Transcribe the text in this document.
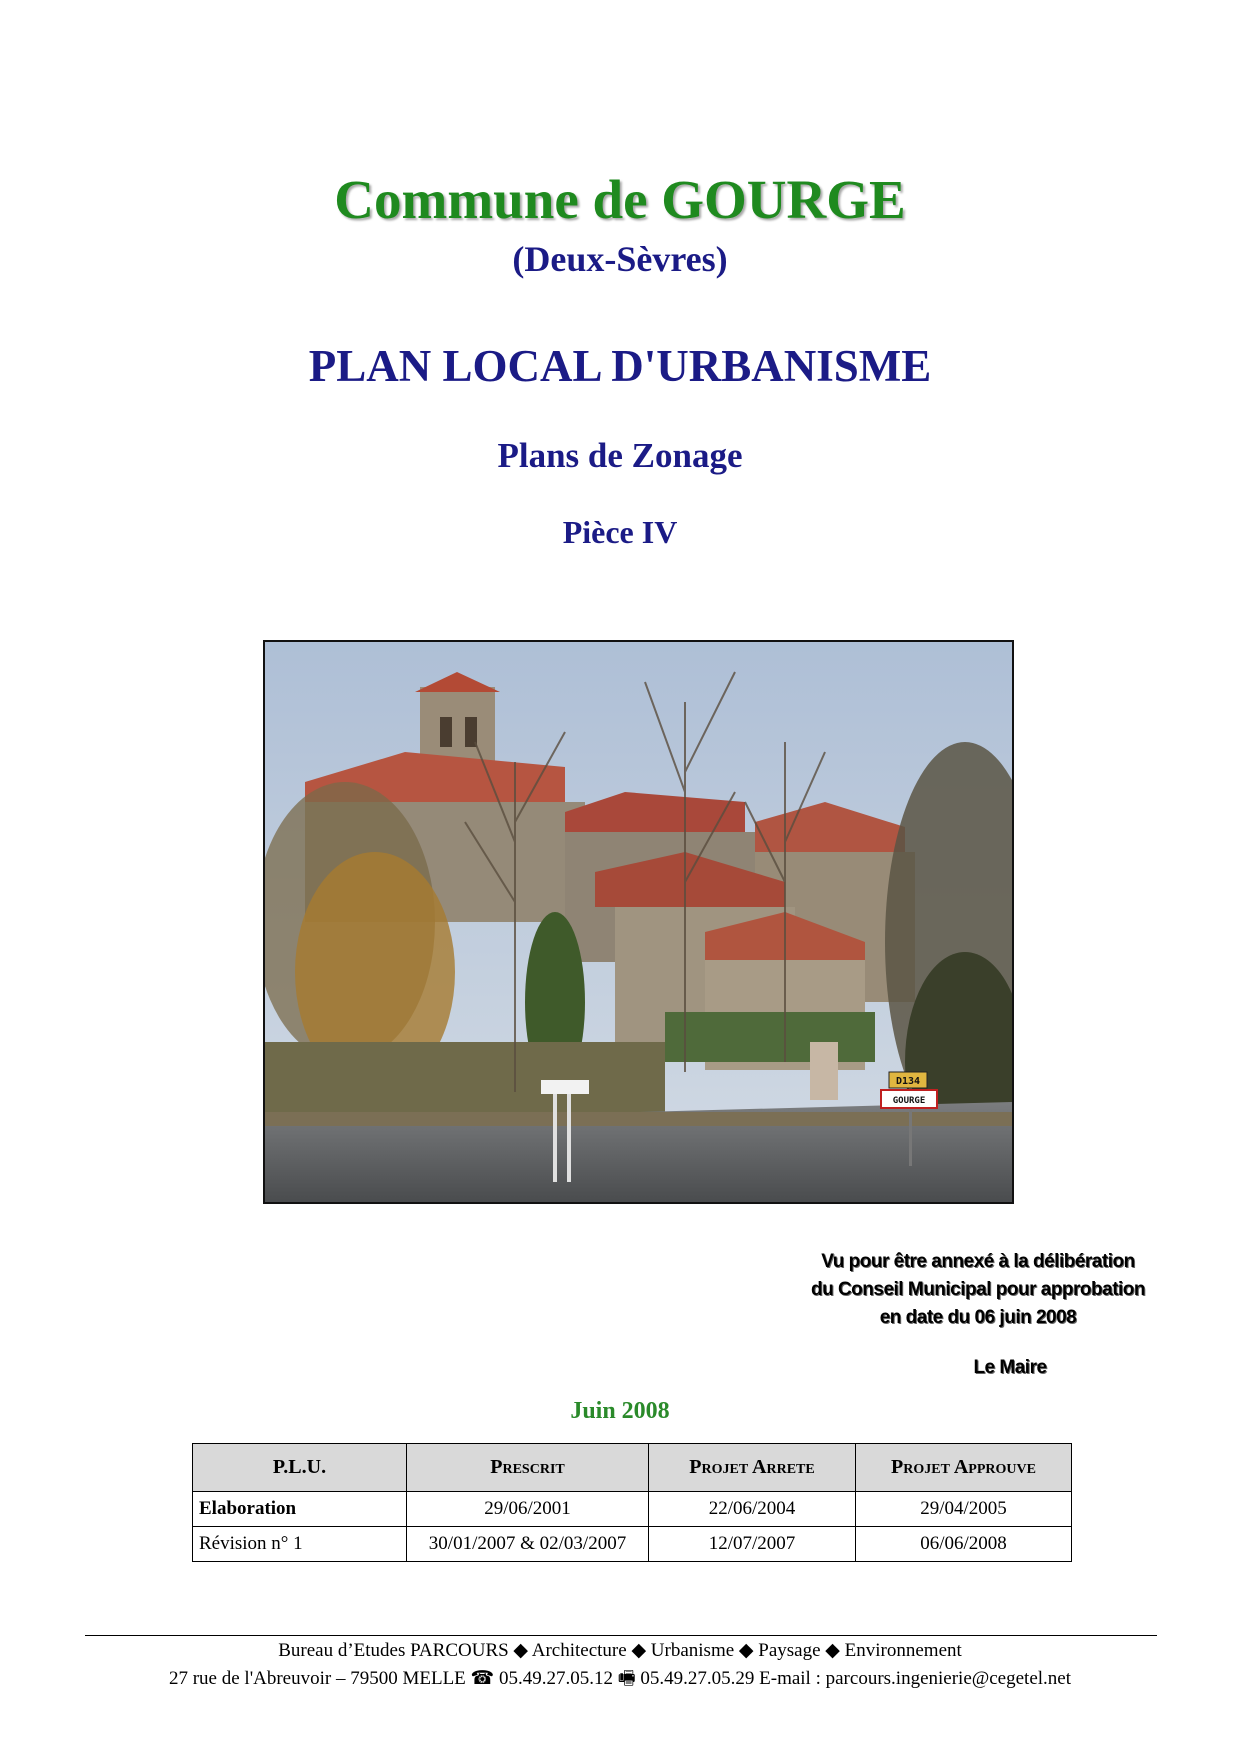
Commune de GOURGE
(Deux-Sèvres)
PLAN LOCAL D'URBANISME
Plans de Zonage
Pièce IV
D134
GOURGE
Vu pour être annexé à la délibération
du Conseil Municipal pour approbation
en date du 06 juin 2008
Le Maire
Juin 2008
P.L.U.	Prescrit	Projet Arrete	Projet Approuve
Elaboration	29/06/2001	22/06/2004	29/04/2005
Révision n° 1	30/01/2007 & 02/03/2007	12/07/2007	06/06/2008
Bureau d’Etudes PARCOURS ◆ Architecture ◆ Urbanisme ◆ Paysage ◆ Environnement
27 rue de l'Abreuvoir – 79500 MELLE ☎ 05.49.27.05.12 🖷 05.49.27.05.29 E-mail : parcours.ingenierie@cegetel.net
